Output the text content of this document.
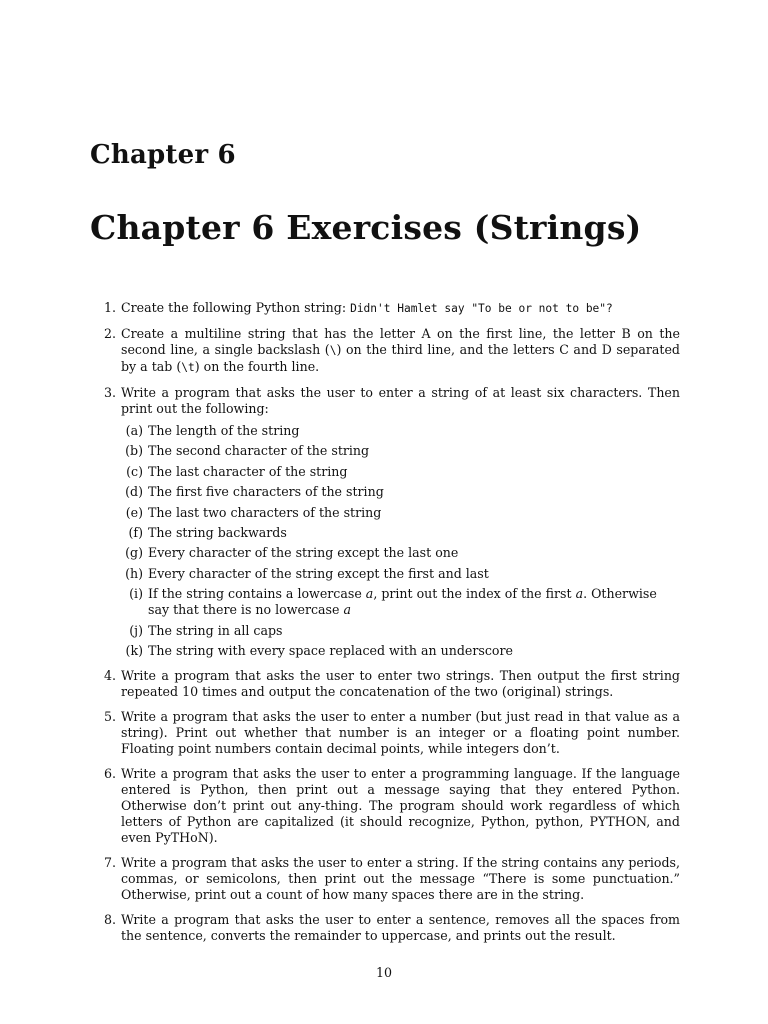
Chapter 6
Chapter 6 Exercises (Strings)
1. Create the following Python string: Didn't Hamlet say "To be or not to be"?
2. Create a multiline string that has the letter A on the first line, the letter B on the second line, a single backslash (\) on the third line, and the letters C and D separated by a tab (\t) on the fourth line.
3. Write a program that asks the user to enter a string of at least six characters. Then print out the following:
(a) The length of the string
(b) The second character of the string
(c) The last character of the string
(d) The first five characters of the string
(e) The last two characters of the string
(f) The string backwards
(g) Every character of the string except the last one
(h) Every character of the string except the first and last
(i) If the string contains a lowercase a, print out the index of the first a. Otherwise say that there is no lowercase a
(j) The string in all caps
(k) The string with every space replaced with an underscore
4. Write a program that asks the user to enter two strings. Then output the first string repeated 10 times and output the concatenation of the two (original) strings.
5. Write a program that asks the user to enter a number (but just read in that value as a string). Print out whether that number is an integer or a floating point number. Floating point numbers contain decimal points, while integers don’t.
6. Write a program that asks the user to enter a programming language. If the language entered is Python, then print out a message saying that they entered Python. Otherwise don’t print out any-thing. The program should work regardless of which letters of Python are capitalized (it should recognize, Python, python, PYTHON, and even PyTHoN).
7. Write a program that asks the user to enter a string. If the string contains any periods, commas, or semicolons, then print out the message “There is some punctuation.” Otherwise, print out a count of how many spaces there are in the string.
8. Write a program that asks the user to enter a sentence, removes all the spaces from the sentence, converts the remainder to uppercase, and prints out the result.
10
